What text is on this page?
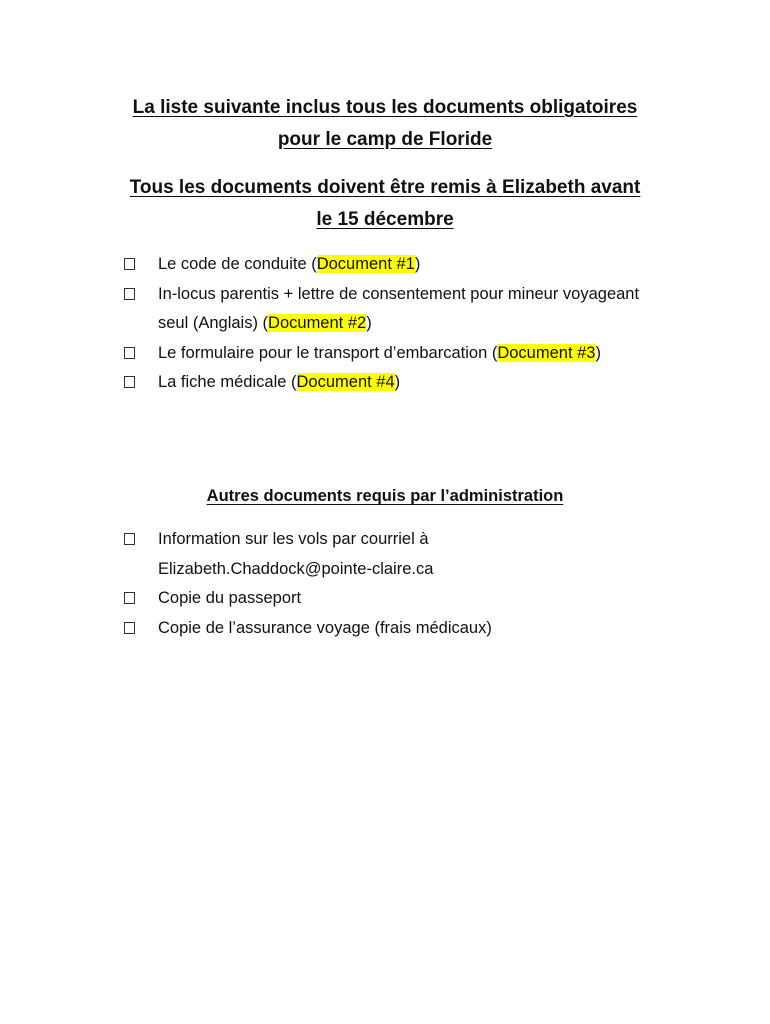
La liste suivante inclus tous les documents obligatoires
pour le camp de Floride
Tous les documents doivent être remis à Elizabeth avant
le 15 décembre
Le code de conduite (Document #1)
In-locus parentis + lettre de consentement pour mineur voyageant seul (Anglais) (Document #2)
Le formulaire pour le transport d’embarcation (Document #3)
La fiche médicale (Document #4)
Autres documents requis par l’administration
Information sur les vols par courriel à Elizabeth.Chaddock@pointe-claire.ca
Copie du passeport
Copie de l’assurance voyage (frais médicaux)
